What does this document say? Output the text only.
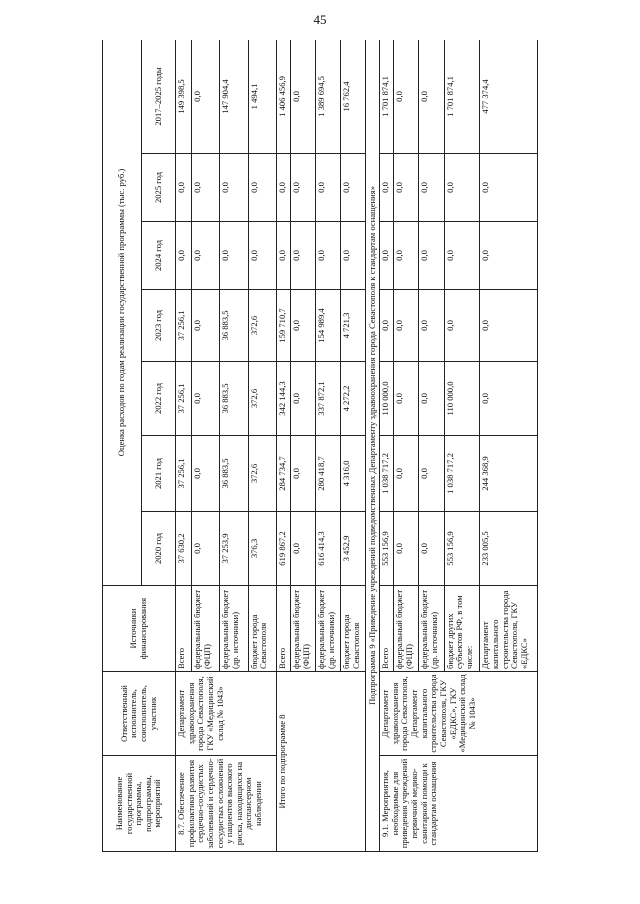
45
Наименование государственной программы, подпрограммы, мероприятий	Ответственный исполнитель, соисполнитель, участник	Источники финансирования	Оценка расходов по годам реализации государственной программы (тыс. руб.)						
			2020 год	2021 год	2022 год	2023 год	2024 год	2025 год	2017–2025 годы
8.7. Обеспечение профилактики развития сердечно-сосудистых заболеваний и сердечно-сосудистых осложнений у пациентов высокого риска, находящихся на диспансерном наблюдении	Департамент здравоохранения города Севастополя, ГКУ «Медицинский склад № 1043»	Всего	37 630,2	37 256,1	37 256,1	37 256,1	0,0	0,0	149 398,5
		федеральный бюджет (ФЦП)	0,0	0,0	0,0	0,0	0,0	0,0	0,0
		федеральный бюджет (др. источники)	37 253,9	36 883,5	36 883,5	36 883,5	0,0	0,0	147 904,4
		бюджет города Севастополя	376,3	372,6	372,6	372,6	0,0	0,0	1 494,1
Итого по подпрограмме 8		Всего	619 867,2	284 734,7	342 144,3	159 710,7	0,0	0,0	1 406 456,9
		федеральный бюджет (ФЦП)	0,0	0,0	0,0	0,0	0,0	0,0	0,0
		федеральный бюджет (др. источники)	616 414,3	280 418,7	337 872,1	154 989,4	0,0	0,0	1 389 694,5
		бюджет города Севастополя	3 452,9	4 316,0	4 272,2	4 721,3	0,0	0,0	16 762,4
Подпрограмма 9 «Приведение учреждений подведомственных Департаменту здравоохранения города Севастополя к стандартам оснащения»									
9.1. Мероприятия, необходимые для приведения учреждений первичной медико-санитарной помощи к стандартам оснащения	Департамент здравоохранения города Севастополя, Департамент капитального строительства города Севастополя, ГКУ «ЕДКС», ГКУ «Медицинский склад № 1043»	Всего	553 156,9	1 038 717,2	110 000,0	0,0	0,0	0,0	1 701 874,1
		федеральный бюджет (ФЦП)	0,0	0,0	0,0	0,0	0,0	0,0	0,0
		федеральный бюджет (др. источники)	0,0	0,0	0,0	0,0	0,0	0,0	0,0
		бюджет других субъектов РФ, в том числе:	553 156,9	1 038 717,2	110 000,0	0,0	0,0	0,0	1 701 874,1
		Департамент капитального строительства города Севастополя, ГКУ «ЕДКС»	233 005,5	244 368,9	0,0	0,0	0,0	0,0	477 374,4
